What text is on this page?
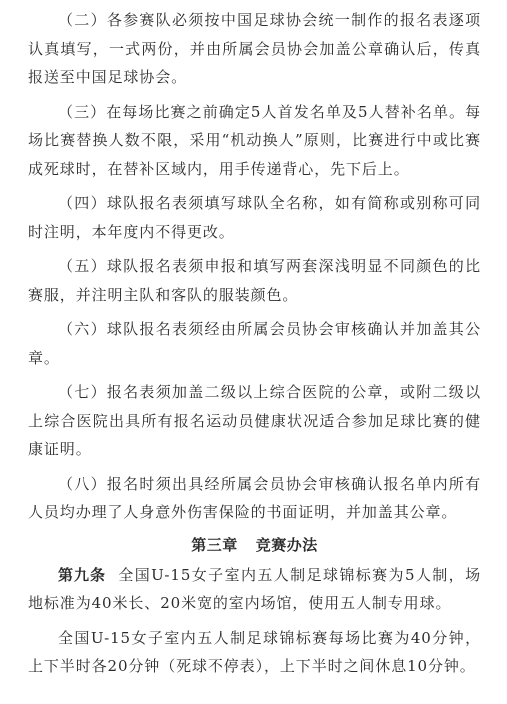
（二）各参赛队必须按中国足球协会统一制作的报名表逐项认真填写，一式两份，并由所属会员协会加盖公章确认后，传真报送至中国足球协会。

（三）在每场比赛之前确定5人首发名单及5人替补名单。每场比赛替换人数不限，采用“机动换人”原则，比赛进行中或比赛成死球时，在替补区域内，用手传递背心，先下后上。

（四）球队报名表须填写球队全名称，如有简称或别称可同时注明，本年度内不得更改。

（五）球队报名表须申报和填写两套深浅明显不同颜色的比赛服，并注明主队和客队的服装颜色。

（六）球队报名表须经由所属会员协会审核确认并加盖其公章。

（七）报名表须加盖二级以上综合医院的公章，或附二级以上综合医院出具所有报名运动员健康状况适合参加足球比赛的健康证明。

（八）报名时须出具经所属会员协会审核确认报名单内所有人员均办理了人身意外伤害保险的书面证明，并加盖其公章。

第三章 竞赛办法

第九条 全国U-15女子室内五人制足球锦标赛为5人制，场地标准为40米长、20米宽的室内场馆，使用五人制专用球。

全国U-15女子室内五人制足球锦标赛每场比赛为40分钟，上下半时各20分钟（死球不停表），上下半时之间休息10分钟。
